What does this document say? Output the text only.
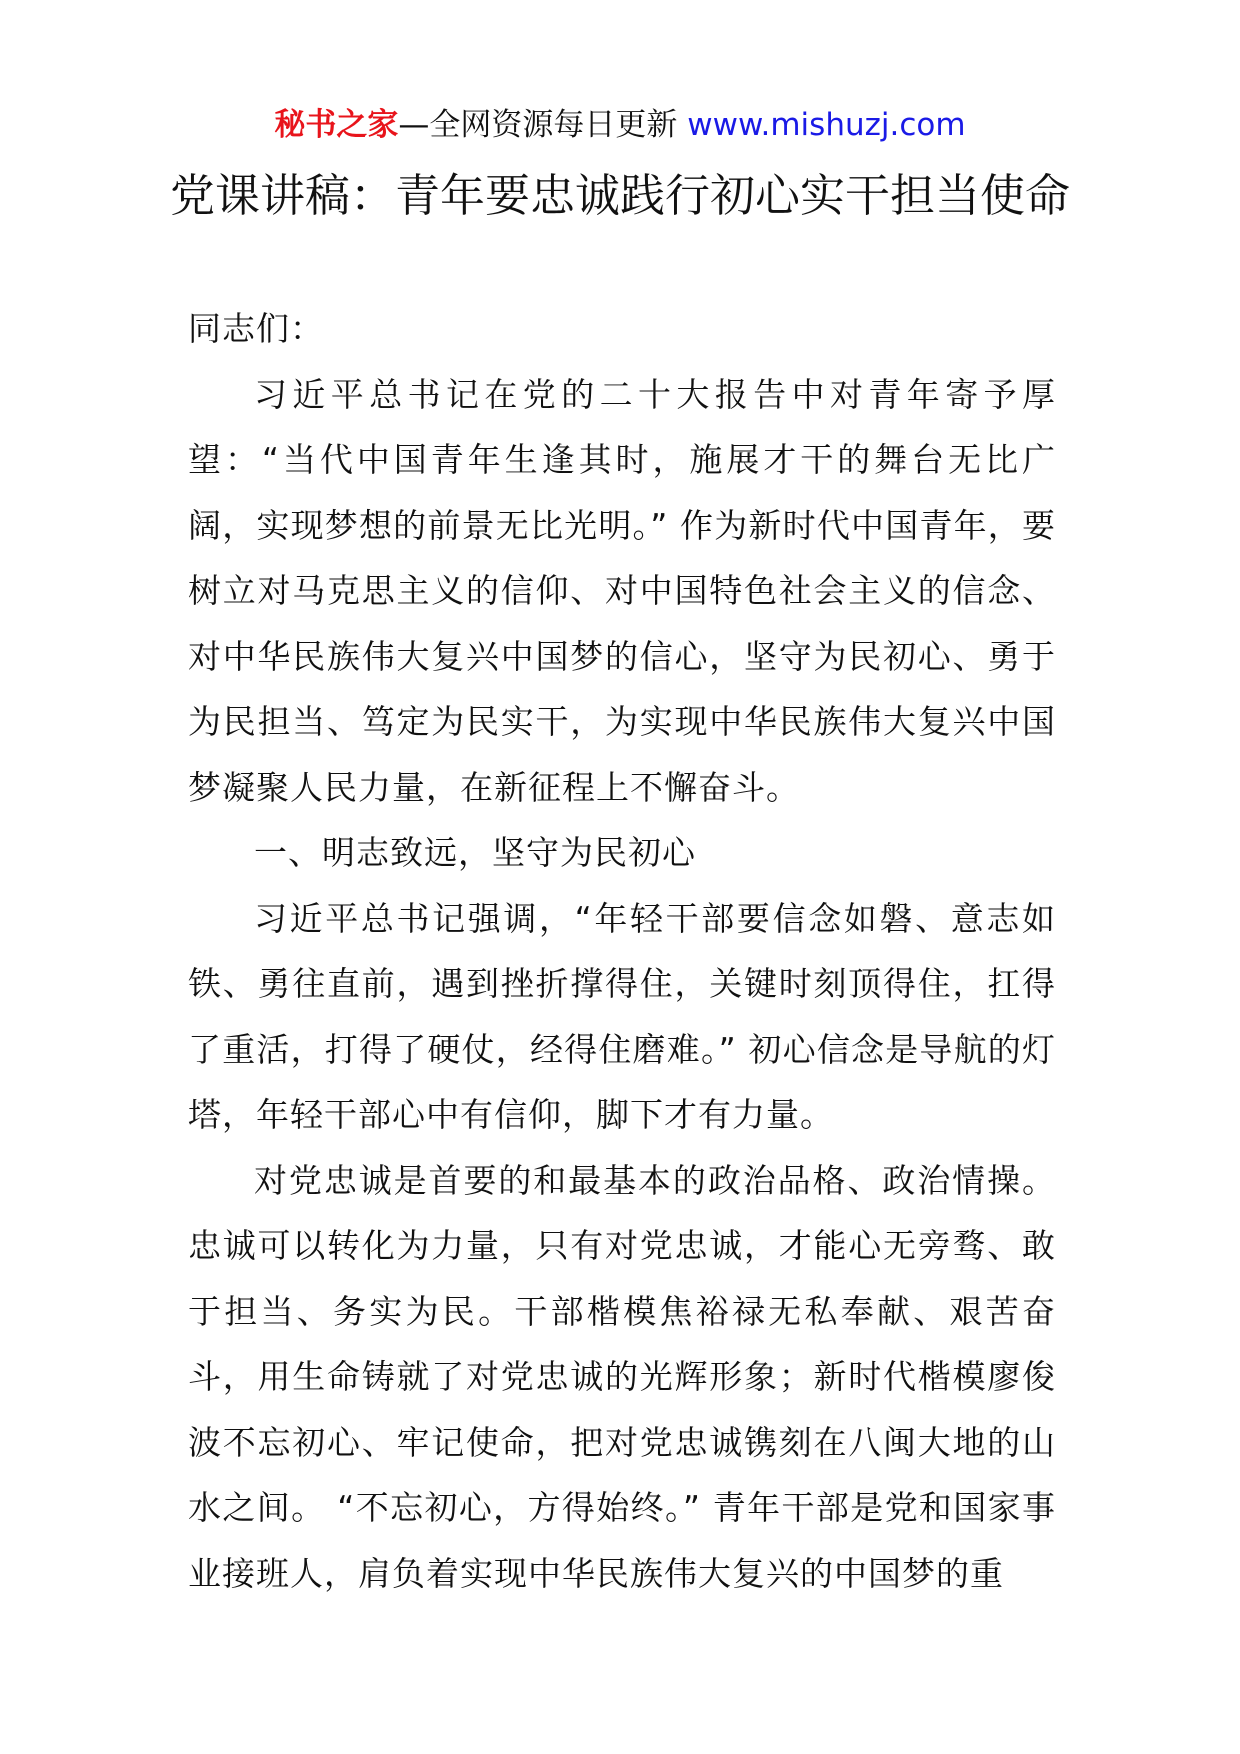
秘书之家—全网资源每日更新 www.mishuzj.com
党课讲稿：青年要忠诚践行初心实干担当使命

同志们：

习近平总书记在党的二十大报告中对青年寄予厚望：“当代中国青年生逢其时，施展才干的舞台无比广阔，实现梦想的前景无比光明。” 作为新时代中国青年，要树立对马克思主义的信仰、对中国特色社会主义的信念、对中华民族伟大复兴中国梦的信心，坚守为民初心、勇于为民担当、笃定为民实干，为实现中华民族伟大复兴中国梦凝聚人民力量，在新征程上不懈奋斗。

一、明志致远，坚守为民初心

习近平总书记强调，“年轻干部要信念如磐、意志如铁、勇往直前，遇到挫折撑得住，关键时刻顶得住，扛得了重活，打得了硬仗，经得住磨难。” 初心信念是导航的灯塔，年轻干部心中有信仰，脚下才有力量。

对党忠诚是首要的和最基本的政治品格、政治情操。忠诚可以转化为力量，只有对党忠诚，才能心无旁骛、敢于担当、务实为民。干部楷模焦裕禄无私奉献、艰苦奋斗，用生命铸就了对党忠诚的光辉形象；新时代楷模廖俊波不忘初心、牢记使命，把对党忠诚镌刻在八闽大地的山水之间。 “不忘初心，方得始终。” 青年干部是党和国家事业接班人，肩负着实现中华民族伟大复兴的中国梦的重
